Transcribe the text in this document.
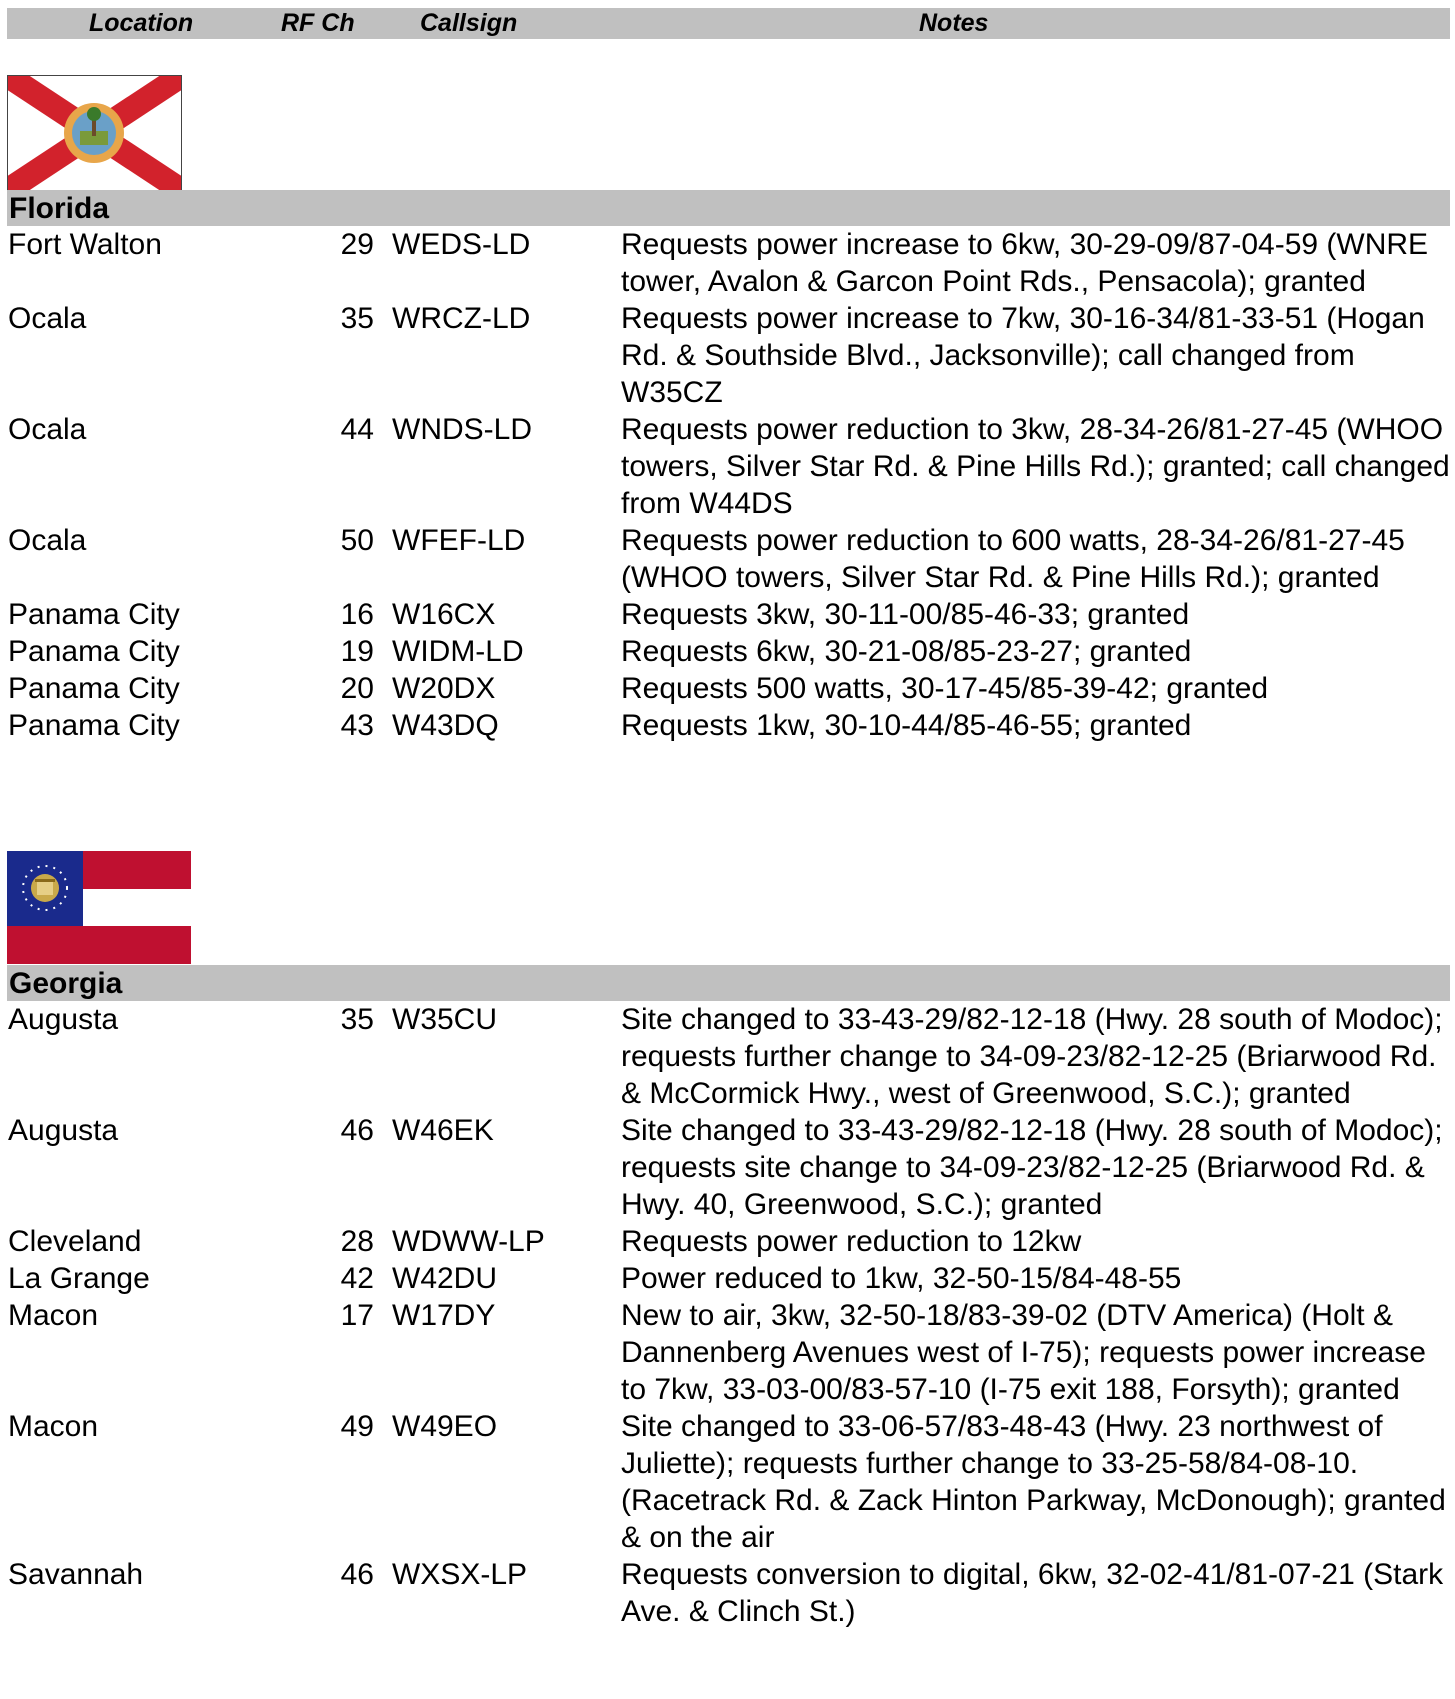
Location	RF Ch	Callsign	Notes
Florida
Fort Walton	29 WEDS-LD	Requests power increase to 6kw, 30-29-09/87-04-59 (WNRE tower, Avalon & Garcon Point Rds., Pensacola); granted
Ocala	35 WRCZ-LD	Requests power increase to 7kw, 30-16-34/81-33-51 (Hogan Rd. & Southside Blvd., Jacksonville); call changed from W35CZ
Ocala	44 WNDS-LD	Requests power reduction to 3kw, 28-34-26/81-27-45 (WHOO towers, Silver Star Rd. & Pine Hills Rd.); granted; call changed from W44DS
Ocala	50 WFEF-LD	Requests power reduction to 600 watts, 28-34-26/81-27-45 (WHOO towers, Silver Star Rd. & Pine Hills Rd.); granted
Panama City	16 W16CX	Requests 3kw, 30-11-00/85-46-33; granted
Panama City	19 WIDM-LD	Requests 6kw, 30-21-08/85-23-27; granted
Panama City	20 W20DX	Requests 500 watts, 30-17-45/85-39-42; granted
Panama City	43 W43DQ	Requests 1kw, 30-10-44/85-46-55; granted
Georgia
Augusta	35 W35CU	Site changed to 33-43-29/82-12-18 (Hwy. 28 south of Modoc); requests further change to 34-09-23/82-12-25 (Briarwood Rd. & McCormick Hwy., west of Greenwood, S.C.); granted
Augusta	46 W46EK	Site changed to 33-43-29/82-12-18 (Hwy. 28 south of Modoc); requests site change to 34-09-23/82-12-25 (Briarwood Rd. & Hwy. 40, Greenwood, S.C.); granted
Cleveland	28 WDWW-LP	Requests power reduction to 12kw
La Grange	42 W42DU	Power reduced to 1kw, 32-50-15/84-48-55
Macon	17 W17DY	New to air, 3kw, 32-50-18/83-39-02 (DTV America) (Holt & Dannenberg Avenues west of I-75); requests power increase to 7kw, 33-03-00/83-57-10 (I-75 exit 188, Forsyth); granted
Macon	49 W49EO	Site changed to 33-06-57/83-48-43 (Hwy. 23 northwest of Juliette); requests further change to 33-25-58/84-08-10. (Racetrack Rd. & Zack Hinton Parkway, McDonough); granted & on the air
Savannah	46 WXSX-LP	Requests conversion to digital, 6kw, 32-02-41/81-07-21 (Stark Ave. & Clinch St.)
